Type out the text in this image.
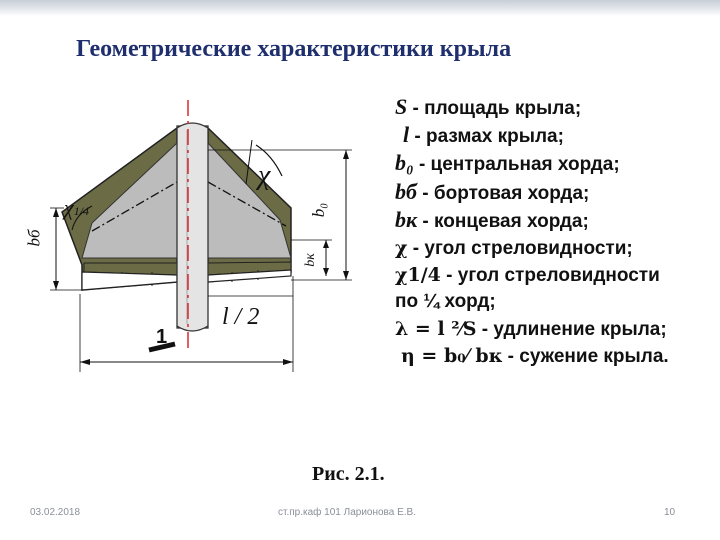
Геометрические характеристики крыла
χ
χ1/4
bб
b₀
bк
l / 2
1
S - площадь крыла;
l - размах крыла;
b₀ - центральная хорда;
bб - бортовая хорда;
bк - концевая хорда;
χ - угол стреловидности;
χ1/4 - угол стреловидности
по ¼ хорд;
λ = l ²⁄S - удлинение крыла;
η = b₀⁄ bк - сужение крыла.
Рис. 2.1.
03.02.2018	ст.пр.каф 101 Ларионова Е.В.	10
